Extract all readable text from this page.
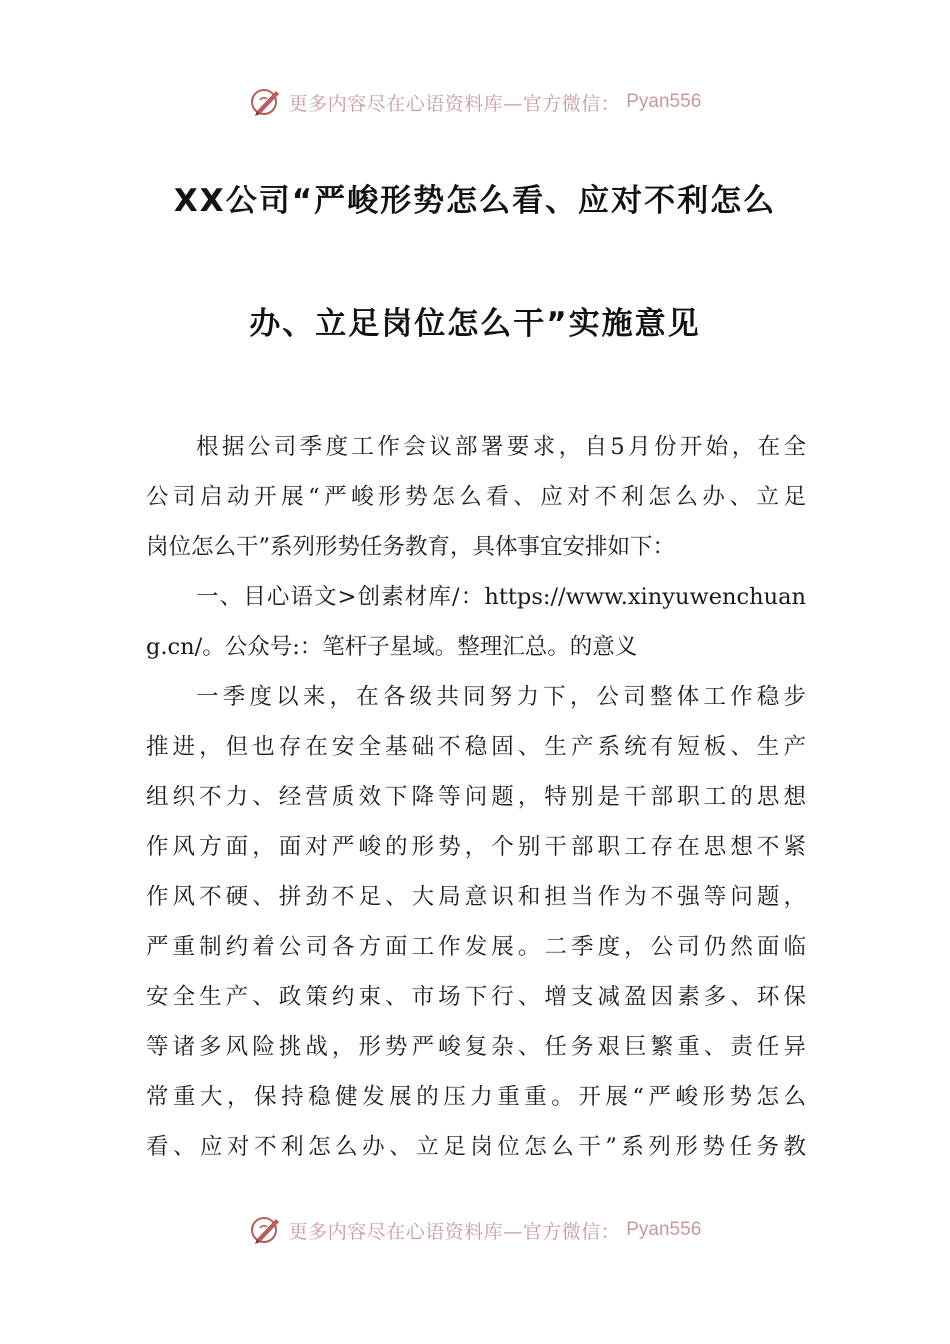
更多内容尽在心语资料库—官方微信： Pyan556
XX公司“严峻形势怎么看、应对不利怎么
办、立足岗位怎么干”实施意见
根据公司季度工作会议部署要求，自5月份开始，在全
公司启动开展“严峻形势怎么看、应对不利怎么办、立足
岗位怎么干”系列形势任务教育，具体事宜安排如下：
一、目心语文>创素材库/：https://www.xinyuwenchuan
g.cn/。公众号:：笔杆子星域。整理汇总。的意义
一季度以来，在各级共同努力下，公司整体工作稳步
推进，但也存在安全基础不稳固、生产系统有短板、生产
组织不力、经营质效下降等问题，特别是干部职工的思想
作风方面，面对严峻的形势，个别干部职工存在思想不紧
作风不硬、拼劲不足、大局意识和担当作为不强等问题，
严重制约着公司各方面工作发展。二季度，公司仍然面临
安全生产、政策约束、市场下行、增支减盈因素多、环保
等诸多风险挑战，形势严峻复杂、任务艰巨繁重、责任异
常重大，保持稳健发展的压力重重。开展“严峻形势怎么
看、应对不利怎么办、立足岗位怎么干”系列形势任务教
更多内容尽在心语资料库—官方微信： Pyan556
